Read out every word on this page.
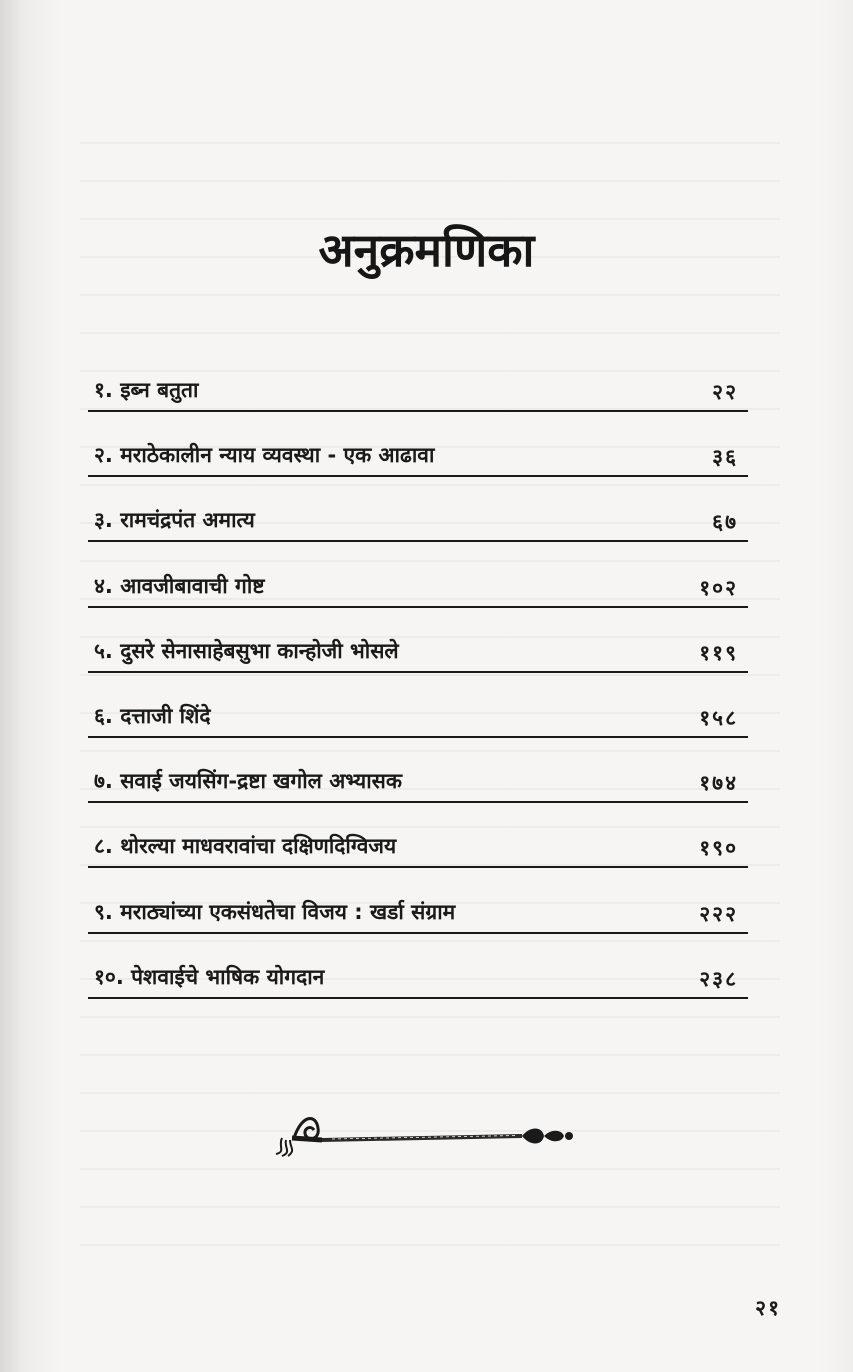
अनुक्रमणिका
१. इब्न बतुता	२२
२. मराठेकालीन न्याय व्यवस्था - एक आढावा	३६
३. रामचंद्रपंत अमात्य	६७
४. आवजीबावाची गोष्ट	१०२
५. दुसरे सेनासाहेबसुभा कान्होजी भोसले	११९
६. दत्ताजी शिंदे	१५८
७. सवाई जयसिंग-द्रष्टा खगोल अभ्यासक	१७४
८. थोरल्या माधवरावांचा दक्षिणदिग्विजय	१९०
९. मराठ्यांच्या एकसंधतेचा विजय : खर्डा संग्राम	२२२
१०. पेशवाईचे भाषिक योगदान	२३८
२१
